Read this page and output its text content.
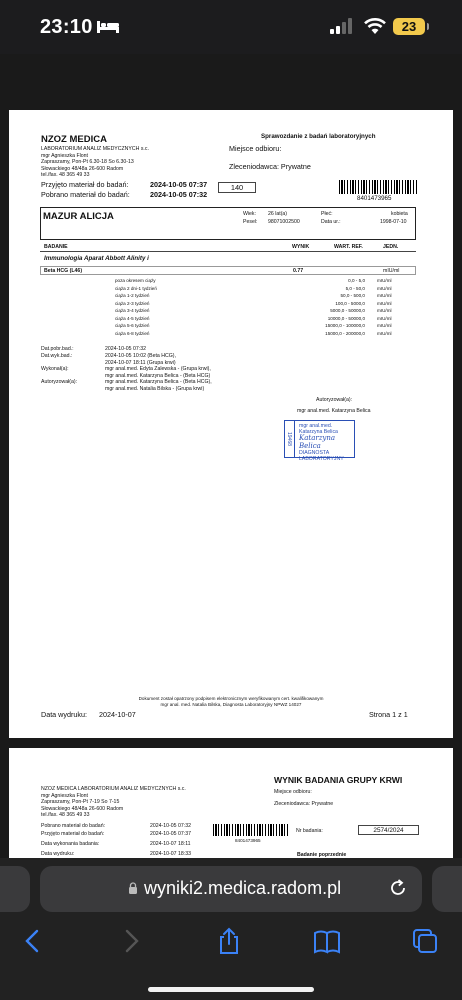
23:10	23
NZOZ MEDICA
LABORATORIUM ANALIZ MEDYCZNYCH s.c.
mgr Agnieszka Flont
Zapraszamy, Pon-Pt 6.30-18 So 6.30-13
Słowackiego 48/48a 26-600 Radom
tel./fax. 48 365 49 33
Sprawozdanie z badań laboratoryjnych
Miejsce odbioru:
Zleceniodawca: Prywatne
Przyjęto materiał do badań:	2024-10-05 07:37
Pobrano materiał do badań:	2024-10-05 07:32
140
8401473965
MAZUR ALICJA	Wiek: 26 lat(a)
Pesel: 98071002500
Płeć:	kobieta
Data ur.:	1998-07-10
BADANIE	WYNIK	WART. REF.	JEDN.
Immunologia Aparat Abbott Alinity i
Beta HCG (L46)	0.77	mIU/ml
poza okresem ciąży	0,0 - 5,0	mIU/ml
ciąża 2 dni-1 tydzień	5,0 - 50,0	mIU/ml
ciąża 1-2 tydzień	50,0 - 500,0	mIU/ml
ciąża 2-3 tydzień	100,0 - 5000,0	mIU/ml
ciąża 3-4 tydzień	5000,0 - 50000,0	mIU/ml
ciąża 4-5 tydzień	10000,0 - 50000,0	mIU/ml
ciąża 5-6 tydzień	15000,0 - 100000,0	mIU/ml
ciąża 6-8 tydzień	15000,0 - 200000,0	mIU/ml
Dat.pobr.bad.:	2024-10-05 07:32
Dat.wyk.bad.:	2024-10-05 10:02 (Beta HCG),
2024-10-07 18:11 (Grupa krwi)
Wykonał(a):	mgr anal.med. Edyta Zalewska - (Grupa krwi),
mgr anal.med. Katarzyna Belica - (Beta HCG)
Autoryzował(a):	mgr anal.med. Katarzyna Belica - (Beta HCG),
mgr anal.med. Natalia Bilska - (Grupa krwi)
Autoryzował(a):
mgr anal.med. Katarzyna Belica
19468
mgr anal.med. Katarzyna Belica
Katarzyna Belica
DIAGNOSTA LABORATORYJNY
Dokument został opatrzony podpisem elektronicznym weryfikowanym cert. kwalifikowanym
mgr anal. med. Natalia Bilska, Diagnosta Laboratoryjny NPWZ 14027
Data wydruku: 2024-10-07	Strona 1 z 1
WYNIK BADANIA GRUPY KRWI
Miejsce odbioru:
Zleceniodawca: Prywatne
NZOZ MEDICA LABORATORIUM ANALIZ MEDYCZNYCH s.c.
mgr Agnieszka Flont
Zapraszamy, Pon-Pt 7-19 So 7-15
Słowackiego 48/48a 26-600 Radom
tel./fax. 48 365 49 33
Pobrano materiał do badań:	2024-10-05 07:32
Przyjęto materiał do badań:	2024-10-05 07:37
Data wykonania badania:	2024-10-07 18:11
Data wydruku:	2024-10-07 18:33
8401473965
Nr badania:	2574/2024
Badanie poprzednie
wyniki2.medica.radom.pl
